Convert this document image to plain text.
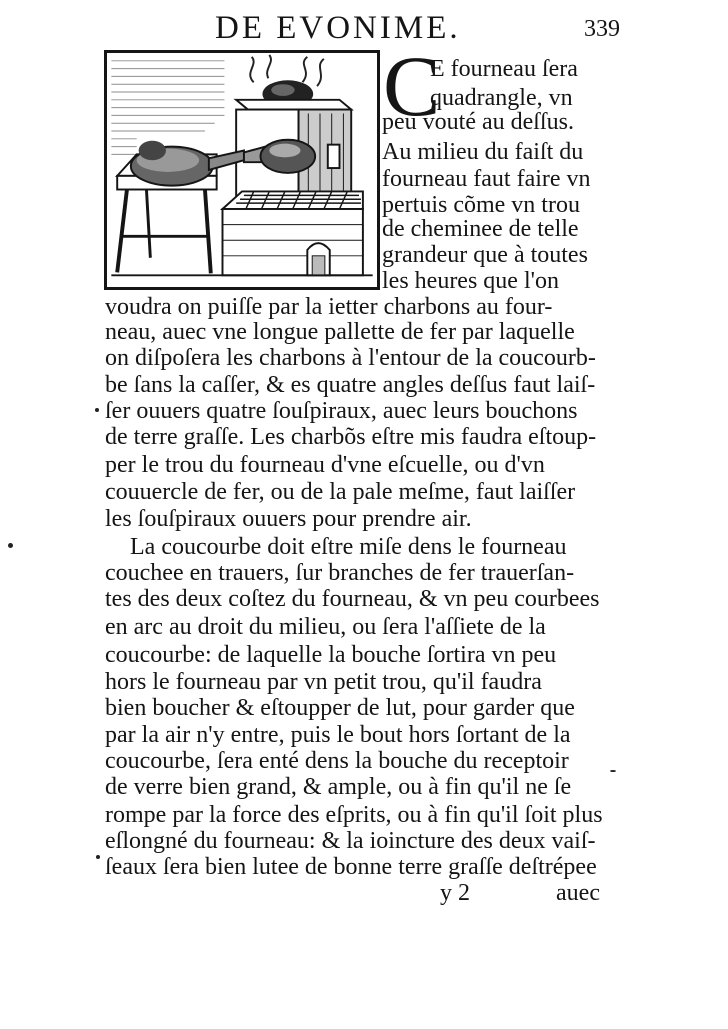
DE EVONIME.	339
C
E fourneau ſera
quadrangle, vn
peu vouté au deſſus.
Au milieu du faiſt du
fourneau faut faire vn
pertuis cõme vn trou
de cheminee de telle
grandeur que à toutes
les heures que l'on
voudra on puiſſe par la ietter charbons au four-
neau, auec vne longue pallette de fer par laquelle
on diſpoſera les charbons à l'entour de la coucourb-
be ſans la caſſer, & es quatre angles deſſus faut laiſ-
ſer ouuers quatre ſouſpiraux, auec leurs bouchons
de terre graſſe. Les charbõs eſtre mis faudra eſtoup-
per le trou du fourneau d'vne eſcuelle, ou d'vn
couuercle de fer, ou de la pale meſme, faut laiſſer
les ſouſpiraux ouuers pour prendre air.
La coucourbe doit eſtre miſe dens le fourneau
couchee en trauers, ſur branches de fer trauerſan-
tes des deux coſtez du fourneau, & vn peu courbees
en arc au droit du milieu, ou ſera l'aſſiete de la
coucourbe: de laquelle la bouche ſortira vn peu
hors le fourneau par vn petit trou, qu'il faudra
bien boucher & eſtoupper de lut, pour garder que
par la air n'y entre, puis le bout hors ſortant de la
coucourbe, ſera enté dens la bouche du receptoir
de verre bien grand, & ample, ou à fin qu'il ne ſe
rompe par la force des eſprits, ou à fin qu'il ſoit plus
eſlongné du fourneau: & la ioincture des deux vaiſ-
ſeaux ſera bien lutee de bonne terre graſſe deſtrépee
y 2	auec
